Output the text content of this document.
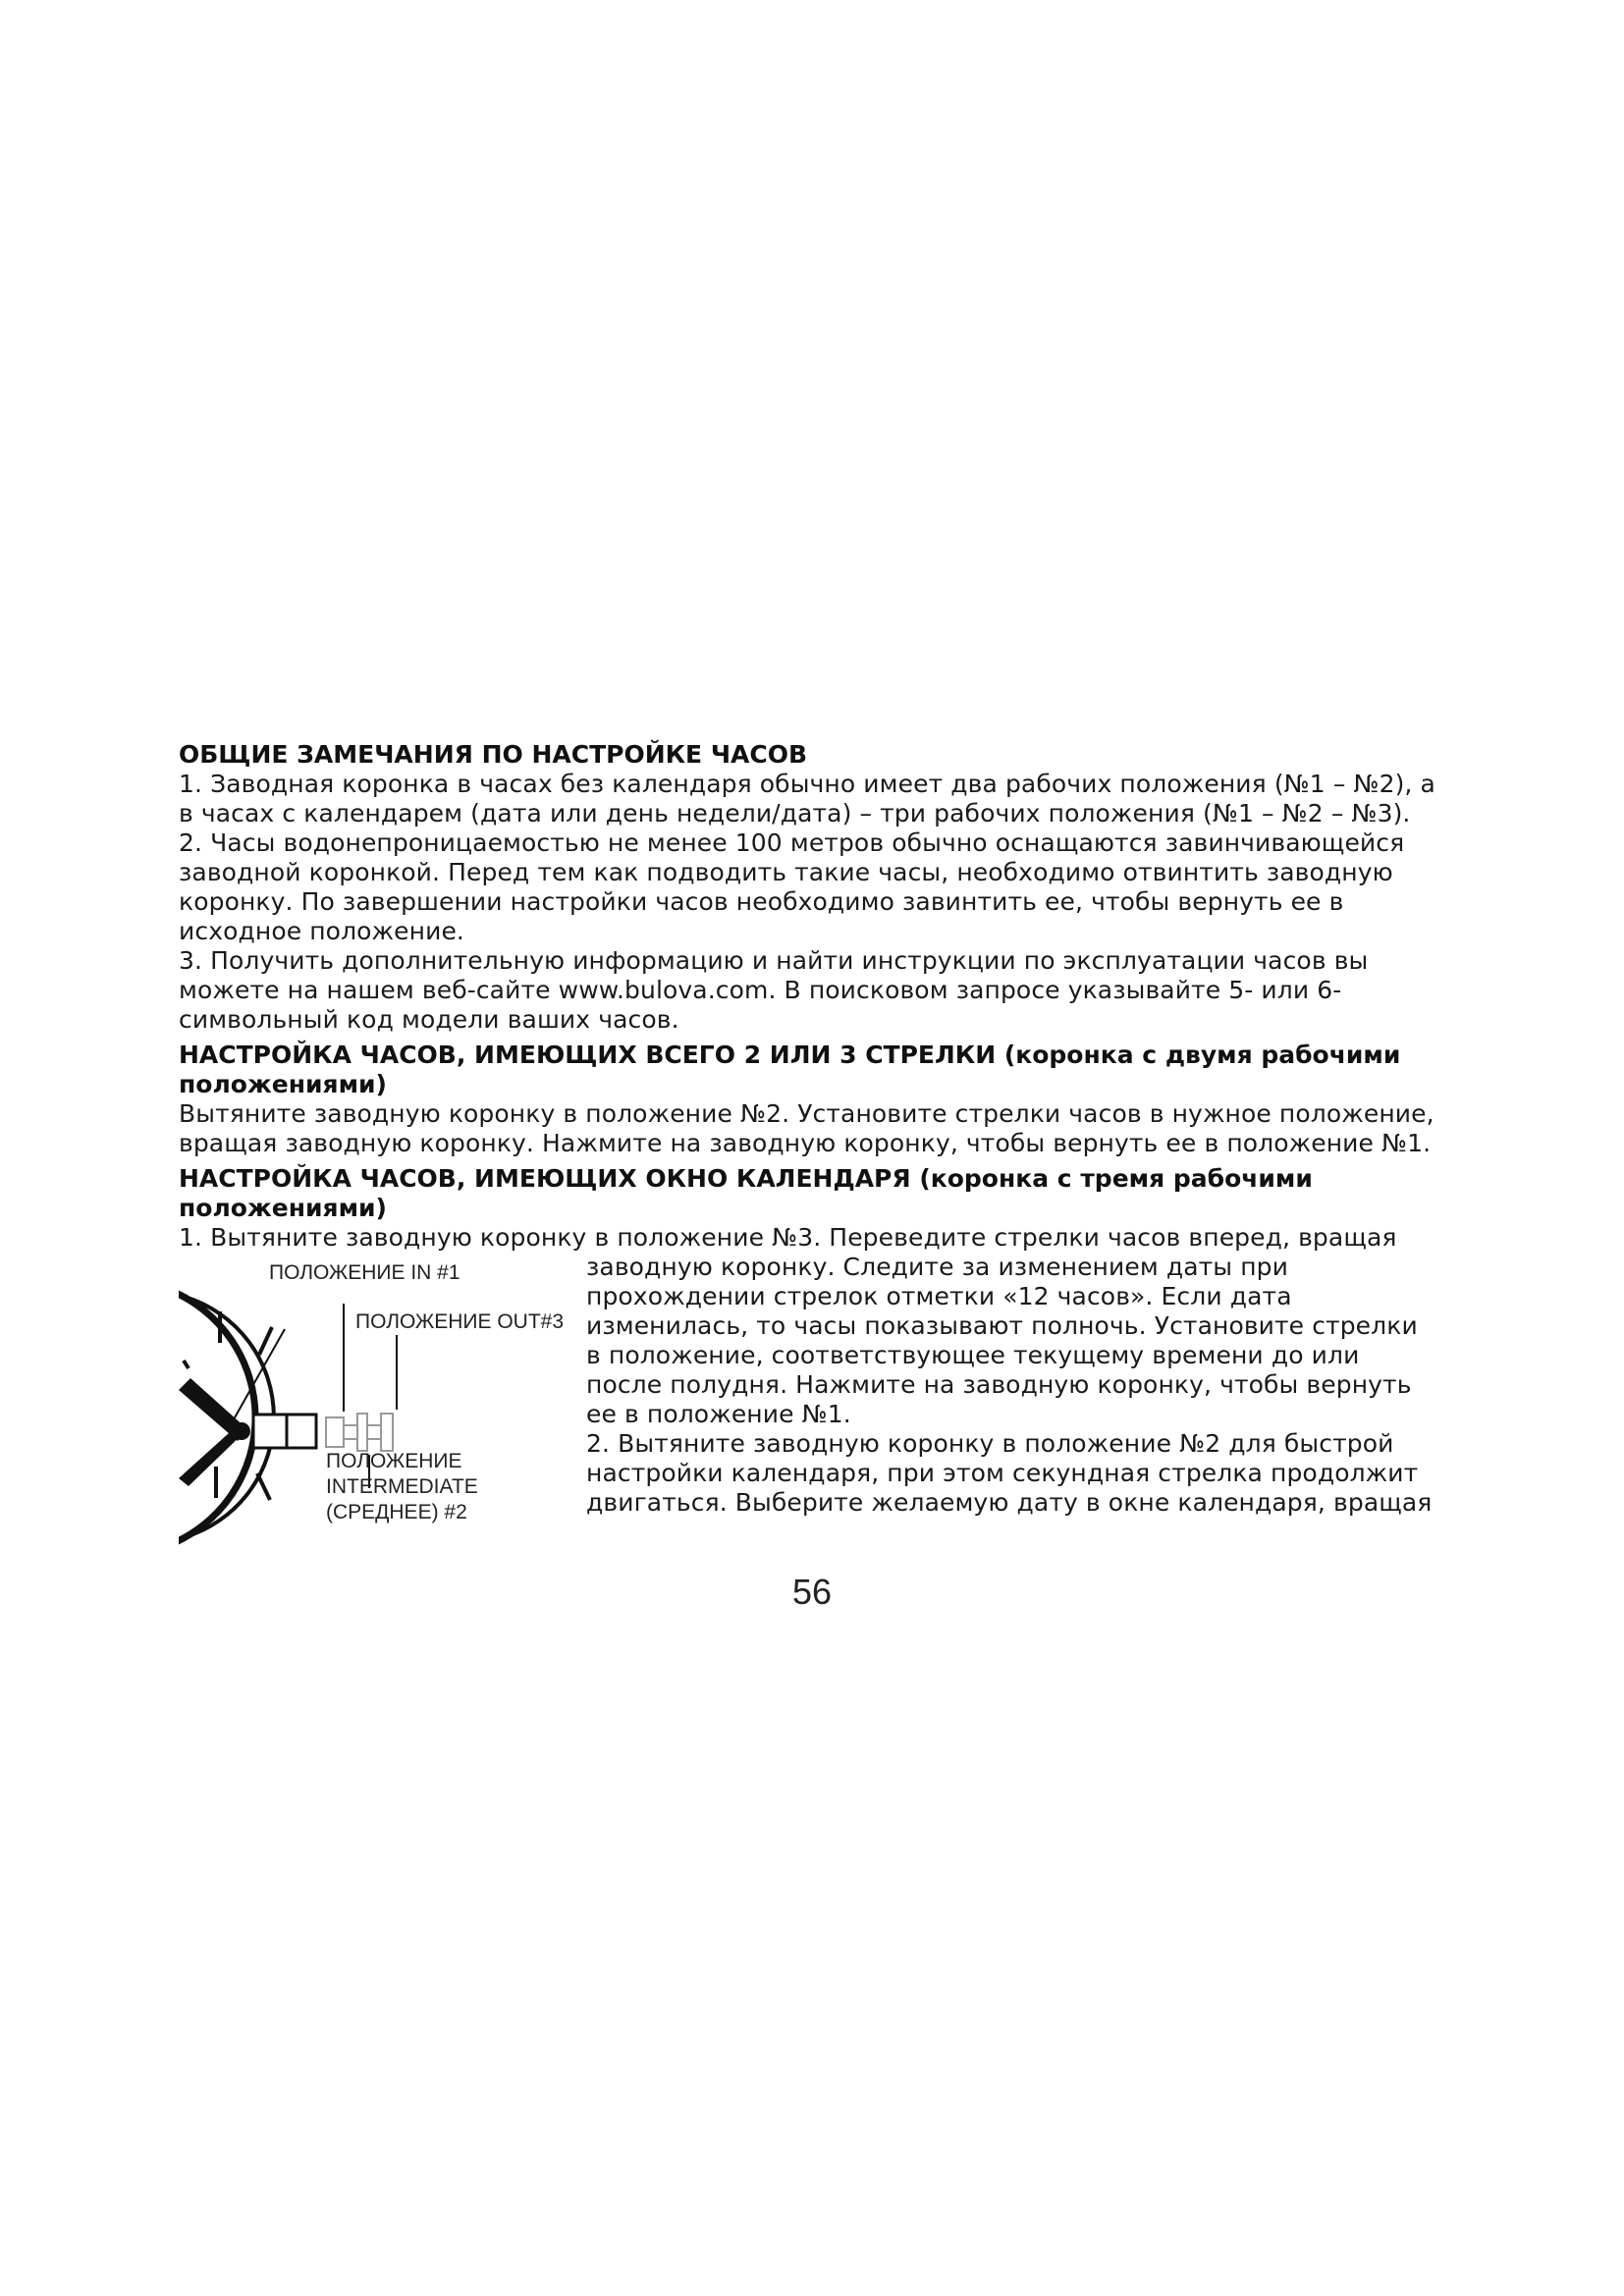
ОБЩИЕ ЗАМЕЧАНИЯ ПО НАСТРОЙКЕ ЧАСОВ

1. Заводная коронка в часах без календаря обычно имеет два рабочих положения (№1 – №2), а

в часах с календарем (дата или день недели/дата) – три рабочих положения (№1 – №2 – №3).

2. Часы водонепроницаемостью не менее 100 метров обычно оснащаются завинчивающейся

заводной коронкой. Перед тем как подводить такие часы, необходимо отвинтить заводную

коронку. По завершении настройки часов необходимо завинтить ее, чтобы вернуть ее в

исходное положение.

3. Получить дополнительную информацию и найти инструкции по эксплуатации часов вы

можете на нашем веб-сайте www.bulova.com. В поисковом запросе указывайте 5- или 6-

символьный код модели ваших часов.

НАСТРОЙКА ЧАСОВ, ИМЕЮЩИХ ВСЕГО 2 ИЛИ 3 СТРЕЛКИ (коронка с двумя рабочими

положениями)

Вытяните заводную коронку в положение №2. Установите стрелки часов в нужное положение,

вращая заводную коронку. Нажмите на заводную коронку, чтобы вернуть ее в положение №1.

НАСТРОЙКА ЧАСОВ, ИМЕЮЩИХ ОКНО КАЛЕНДАРЯ (коронка с тремя рабочими

положениями)

1. Вытяните заводную коронку в положение №3. Переведите стрелки часов вперед, вращая

ПОЛОЖЕНИЕ IN #1
ПОЛОЖЕНИЕ OUT#3
ПОЛОЖЕНИЕ
INTERMEDIATE
(СРЕДНЕЕ) #2

заводную коронку. Следите за изменением даты при

прохождении стрелок отметки «12 часов». Если дата

изменилась, то часы показывают полночь. Установите стрелки

в положение, соответствующее текущему времени до или

после полудня. Нажмите на заводную коронку, чтобы вернуть

ее в положение №1.

2. Вытяните заводную коронку в положение №2 для быстрой

настройки календаря, при этом секундная стрелка продолжит

двигаться. Выберите желаемую дату в окне календаря, вращая

56
